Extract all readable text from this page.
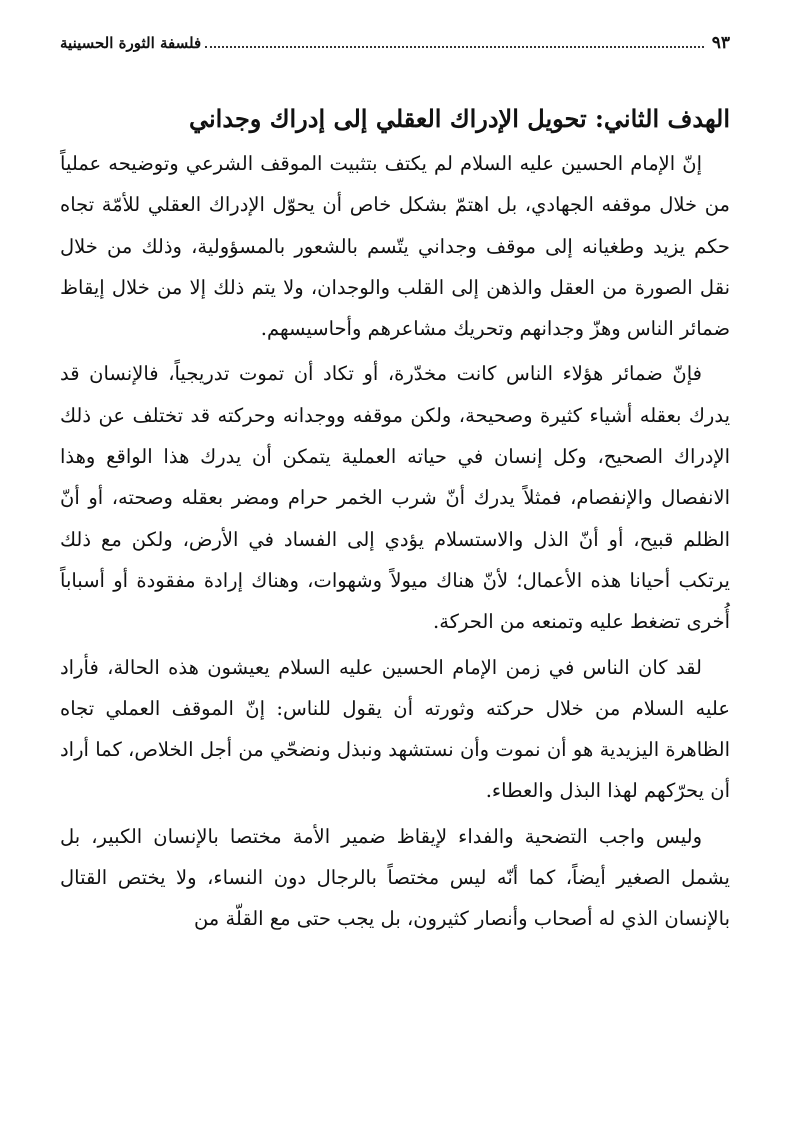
٩٣
فلسفة الثورة الحسينية
الهدف الثاني: تحويل الإدراك العقلي إلى إدراك وجداني

إنّ الإمام الحسين عليه السلام لم يكتف بتثبيت الموقف الشرعي وتوضيحه عملياً من خلال موقفه الجهادي، بل اهتمّ بشكل خاص أن يحوّل الإدراك العقلي للأمّة تجاه حكم يزيد وطغيانه إلى موقف وجداني يتّسم بالشعور بالمسؤولية، وذلك من خلال نقل الصورة من العقل والذهن إلى القلب والوجدان، ولا يتم ذلك إلا من خلال إيقاظ ضمائر الناس وهزّ وجدانهم وتحريك مشاعرهم وأحاسيسهم.

فإنّ ضمائر هؤلاء الناس كانت مخدّرة، أو تكاد أن تموت تدريجياً، فالإنسان قد يدرك بعقله أشياء كثيرة وصحيحة، ولكن موقفه ووجدانه وحركته قد تختلف عن ذلك الإدراك الصحيح، وكل إنسان في حياته العملية يتمكن أن يدرك هذا الواقع وهذا الانفصال والإنفصام، فمثلاً يدرك أنّ شرب الخمر حرام ومضر بعقله وصحته، أو أنّ الظلم قبيح، أو أنّ الذل والاستسلام يؤدي إلى الفساد في الأرض، ولكن مع ذلك يرتكب أحيانا هذه الأعمال؛ لأنّ هناك ميولاً وشهوات، وهناك إرادة مفقودة أو أسباباً أُخرى تضغط عليه وتمنعه من الحركة.

لقد كان الناس في زمن الإمام الحسين عليه السلام يعيشون هذه الحالة، فأراد عليه السلام من خلال حركته وثورته أن يقول للناس: إنّ الموقف العملي تجاه الظاهرة اليزيدية هو أن نموت وأن نستشهد ونبذل ونضحّي من أجل الخلاص، كما أراد أن يحرّكهم لهذا البذل والعطاء.

وليس واجب التضحية والفداء لإيقاظ ضمير الأمة مختصا بالإنسان الكبير، بل يشمل الصغير أيضاً، كما أنّه ليس مختصاً بالرجال دون النساء، ولا يختص القتال بالإنسان الذي له أصحاب وأنصار كثيرون، بل يجب حتى مع القلّة من
